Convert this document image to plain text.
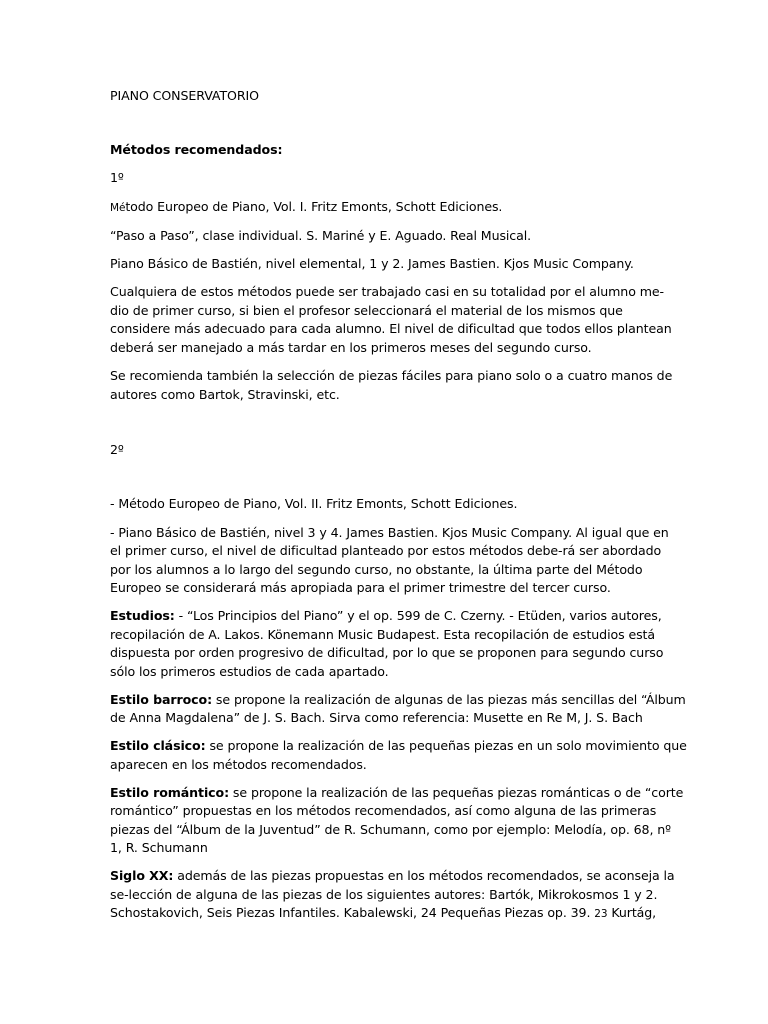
PIANO CONSERVATORIO
Métodos recomendados:
1º
Método Europeo de Piano, Vol. I. Fritz Emonts, Schott Ediciones.
“Paso a Paso”, clase individual. S. Mariné y E. Aguado. Real Musical.
Piano Básico de Bastién, nivel elemental, 1 y 2. James Bastien. Kjos Music Company.
Cualquiera de estos métodos puede ser trabajado casi en su totalidad por el alumno me-
dio de primer curso, si bien el profesor seleccionará el material de los mismos que
considere más adecuado para cada alumno. El nivel de dificultad que todos ellos plantean
deberá ser manejado a más tardar en los primeros meses del segundo curso.
Se recomienda también la selección de piezas fáciles para piano solo o a cuatro manos de
autores como Bartok, Stravinski, etc.
2º
- Método Europeo de Piano, Vol. II. Fritz Emonts, Schott Ediciones.
- Piano Básico de Bastién, nivel 3 y 4. James Bastien. Kjos Music Company. Al igual que en
el primer curso, el nivel de dificultad planteado por estos métodos debe-rá ser abordado
por los alumnos a lo largo del segundo curso, no obstante, la última parte del Método
Europeo se considerará más apropiada para el primer trimestre del tercer curso.
Estudios: - “Los Principios del Piano” y el op. 599 de C. Czerny. - Etüden, varios autores,
recopilación de A. Lakos. Könemann Music Budapest. Esta recopilación de estudios está
dispuesta por orden progresivo de dificultad, por lo que se proponen para segundo curso
sólo los primeros estudios de cada apartado.
Estilo barroco: se propone la realización de algunas de las piezas más sencillas del “Álbum
de Anna Magdalena” de J. S. Bach. Sirva como referencia: Musette en Re M, J. S. Bach
Estilo clásico: se propone la realización de las pequeñas piezas en un solo movimiento que
aparecen en los métodos recomendados.
Estilo romántico: se propone la realización de las pequeñas piezas románticas o de “corte
romántico” propuestas en los métodos recomendados, así como alguna de las primeras
piezas del “Álbum de la Juventud” de R. Schumann, como por ejemplo: Melodía, op. 68, nº
1, R. Schumann
Siglo XX: además de las piezas propuestas en los métodos recomendados, se aconseja la
se-lección de alguna de las piezas de los siguientes autores: Bartók, Mikrokosmos 1 y 2.
Schostakovich, Seis Piezas Infantiles. Kabalewski, 24 Pequeñas Piezas op. 39. 23 Kurtág,
